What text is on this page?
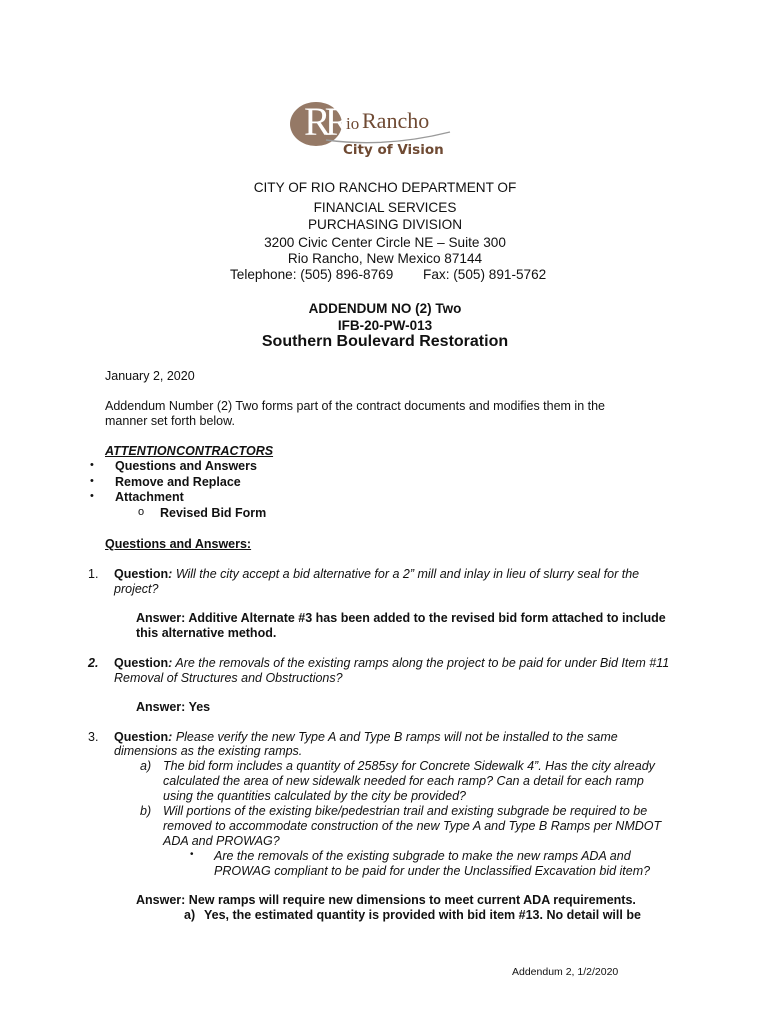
RR io Rancho
City of Vision
CITY OF RIO RANCHO DEPARTMENT OF
FINANCIAL SERVICES
PURCHASING DIVISION
3200 Civic Center Circle NE – Suite 300
Rio Rancho, New Mexico 87144
Telephone: (505) 896-8769 Fax: (505) 891-5762
ADDENDUM NO (2) Two
IFB-20-PW-013
Southern Boulevard Restoration
January 2, 2020
Addendum Number (2) Two forms part of the contract documents and modifies them in the
manner set forth below.
ATTENTION CONTRACTORS
• Questions and Answers
• Remove and Replace
• Attachment
o Revised Bid Form
Questions and Answers:
1. Question: Will the city accept a bid alternative for a 2” mill and inlay in lieu of slurry seal for the
project?
Answer: Additive Alternate #3 has been added to the revised bid form attached to include
this alternative method.
2. Question: Are the removals of the existing ramps along the project to be paid for under Bid Item #11
Removal of Structures and Obstructions?
Answer: Yes
3. Question: Please verify the new Type A and Type B ramps will not be installed to the same
dimensions as the existing ramps.
a) The bid form includes a quantity of 2585sy for Concrete Sidewalk 4”. Has the city already
calculated the area of new sidewalk needed for each ramp? Can a detail for each ramp
using the quantities calculated by the city be provided?
b) Will portions of the existing bike/pedestrian trail and existing subgrade be required to be
removed to accommodate construction of the new Type A and Type B Ramps per NMDOT
ADA and PROWAG?
• Are the removals of the existing subgrade to make the new ramps ADA and
PROWAG compliant to be paid for under the Unclassified Excavation bid item?
Answer: New ramps will require new dimensions to meet current ADA requirements.
a) Yes, the estimated quantity is provided with bid item #13. No detail will be
Addendum 2, 1/2/2020
